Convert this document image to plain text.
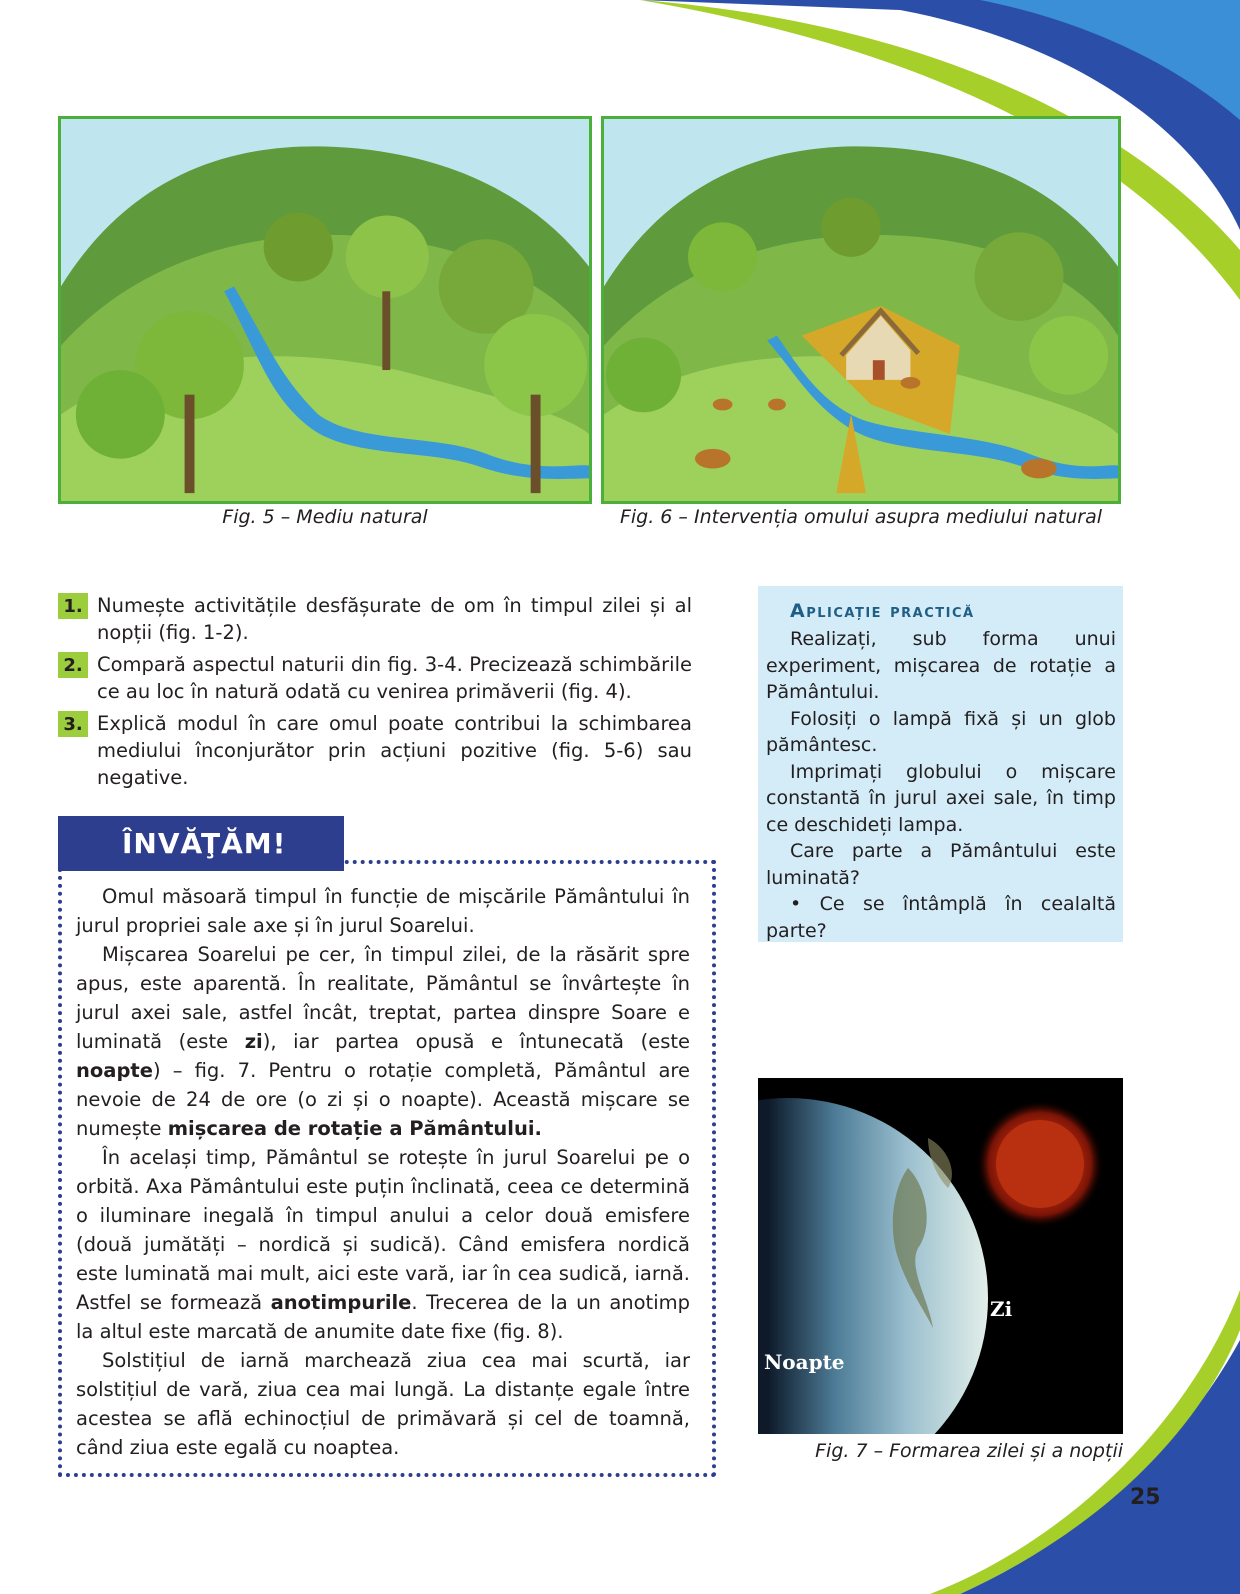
Fig. 5 – Mediu natural	Fig. 6 – Intervenția omului asupra mediului natural
1. Numește activitățile desfășurate de om în timpul zilei și al nopții (fig. 1-2).
2. Compară aspectul naturii din fig. 3-4. Precizează schimbările ce au loc în natură odată cu venirea primăverii (fig. 4).
3. Explică modul în care omul poate contribui la schimbarea mediului înconjurător prin acțiuni pozitive (fig. 5-6) sau negative.
Aplicație practică

Realizați, sub forma unui experiment, mișcarea de rotație a Pământului.

Folosiți o lampă fixă și un glob pământesc.

Imprimați globului o mișcare constantă în jurul axei sale, în timp ce deschideți lampa.

Care parte a Pământului este luminată?

• Ce se întâmplă în cealaltă parte?

ÎNVĂŢĂM!

Omul măsoară timpul în funcție de mișcările Pământului în jurul propriei sale axe și în jurul Soarelui.

Mișcarea Soarelui pe cer, în timpul zilei, de la răsărit spre apus, este aparentă. În realitate, Pământul se învârtește în jurul axei sale, astfel încât, treptat, partea dinspre Soare e luminată (este zi), iar partea opusă e întunecată (este noapte) – fig. 7. Pentru o rotație completă, Pământul are nevoie de 24 de ore (o zi și o noapte). Această mișcare se numește mișcarea de rotație a Pământului.

În același timp, Pământul se rotește în jurul Soarelui pe o orbită. Axa Pământului este puțin înclinată, ceea ce determină o iluminare inegală în timpul anului a celor două emisfere (două jumătăți – nordică și sudică). Când emisfera nordică este luminată mai mult, aici este vară, iar în cea sudică, iarnă. Astfel se formează anotimpurile. Trecerea de la un anotimp la altul este marcată de anumite date fixe (fig. 8).

Solstițiul de iarnă marchează ziua cea mai scurtă, iar solstițiul de vară, ziua cea mai lungă. La distanțe egale între acestea se află echinocțiul de primăvară și cel de toamnă, când ziua este egală cu noaptea.

Zi
Noapte
Fig. 7 – Formarea zilei și a nopții
25
